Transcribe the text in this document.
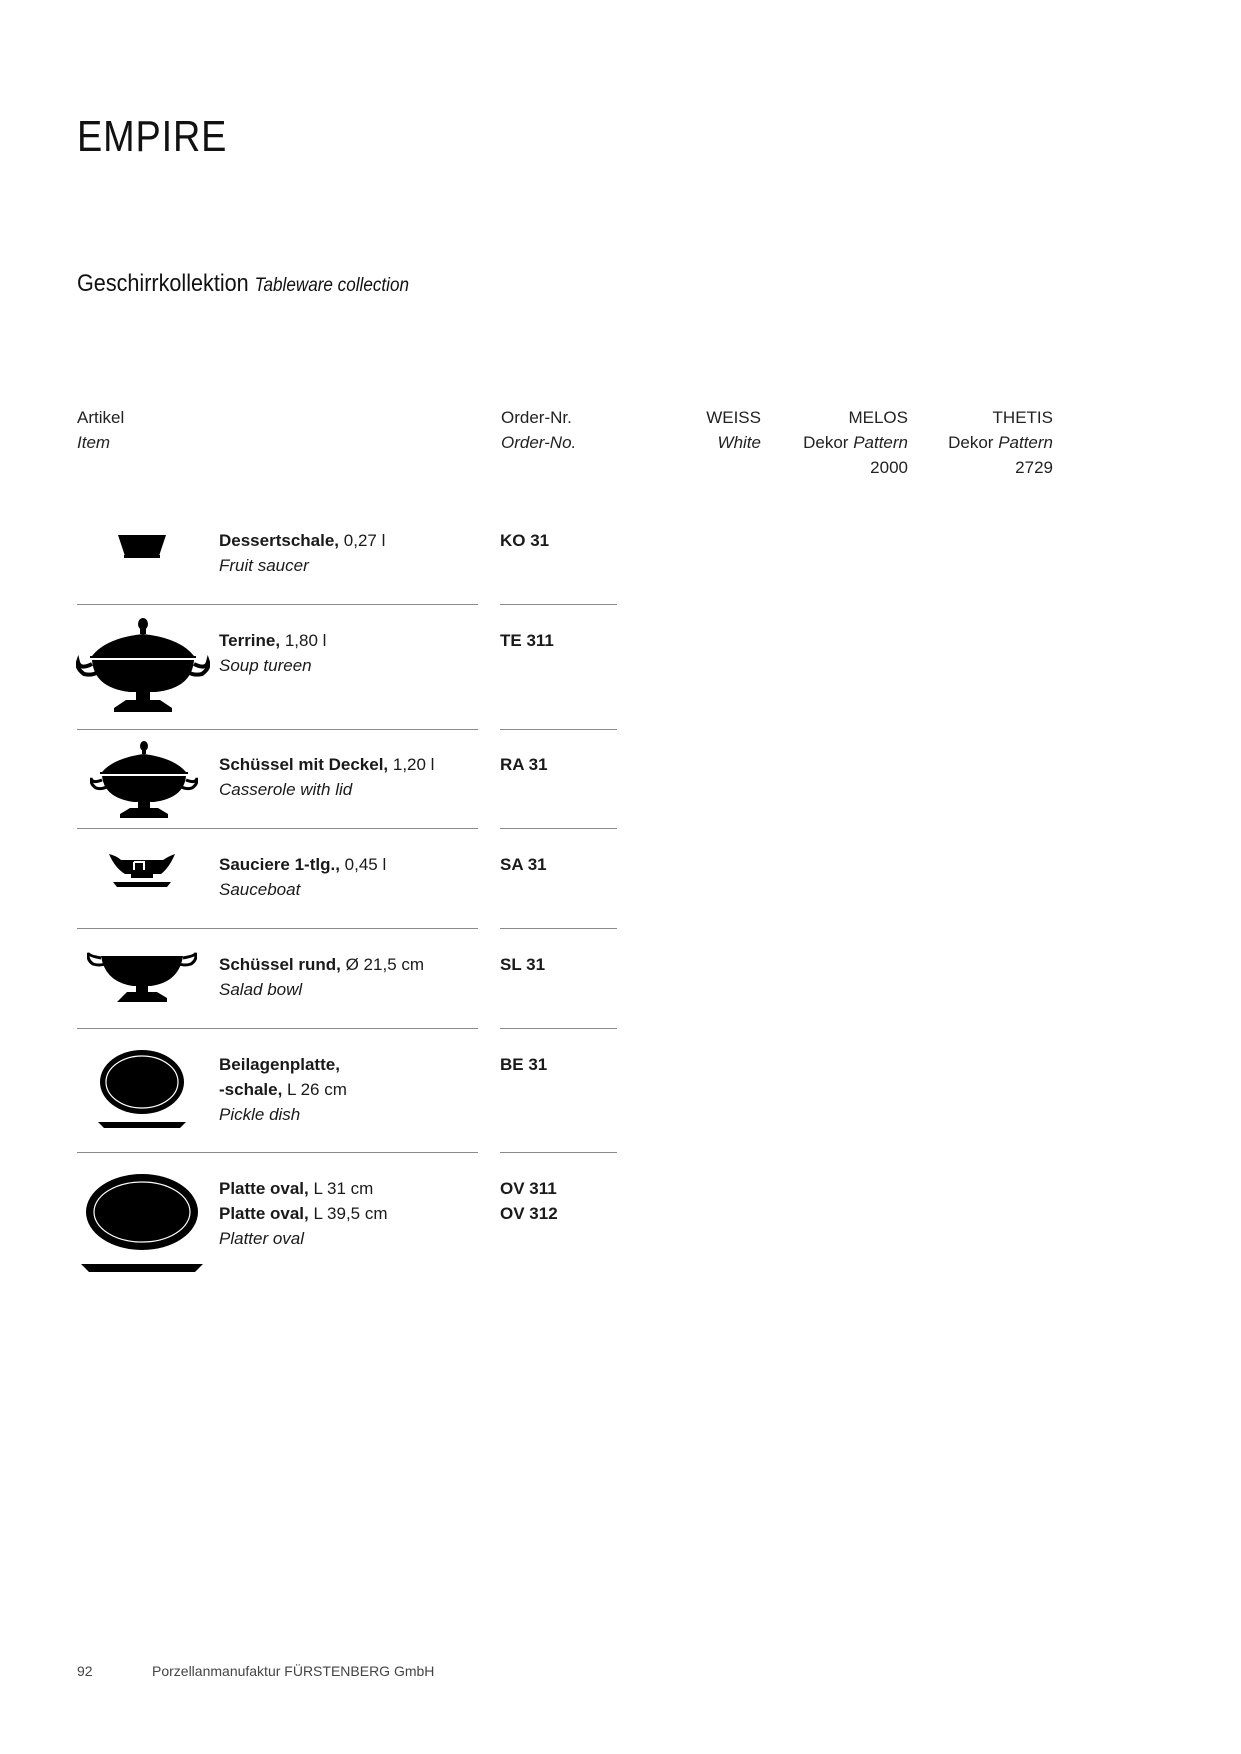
EMPIRE
Geschirrkollektion Tableware collection
Artikel
Item
Order-Nr.
Order-No.
WEISS
White
MELOS
Dekor Pattern
2000
THETIS
Dekor Pattern
2729
Dessertschale, 0,27 l
Fruit saucer
KO 31
Terrine, 1,80 l
Soup tureen
TE 311
Schüssel mit Deckel, 1,20 l
Casserole with lid
RA 31
Sauciere 1-tlg., 0,45 l
Sauceboat
SA 31
Schüssel rund, Ø 21,5 cm
Salad bowl
SL 31
Beilagenplatte,
-schale, L 26 cm
Pickle dish
BE 31
Platte oval, L 31 cm
Platte oval, L 39,5 cm
Platter oval
OV 311
OV 312
92	Porzellanmanufaktur FÜRSTENBERG GmbH
